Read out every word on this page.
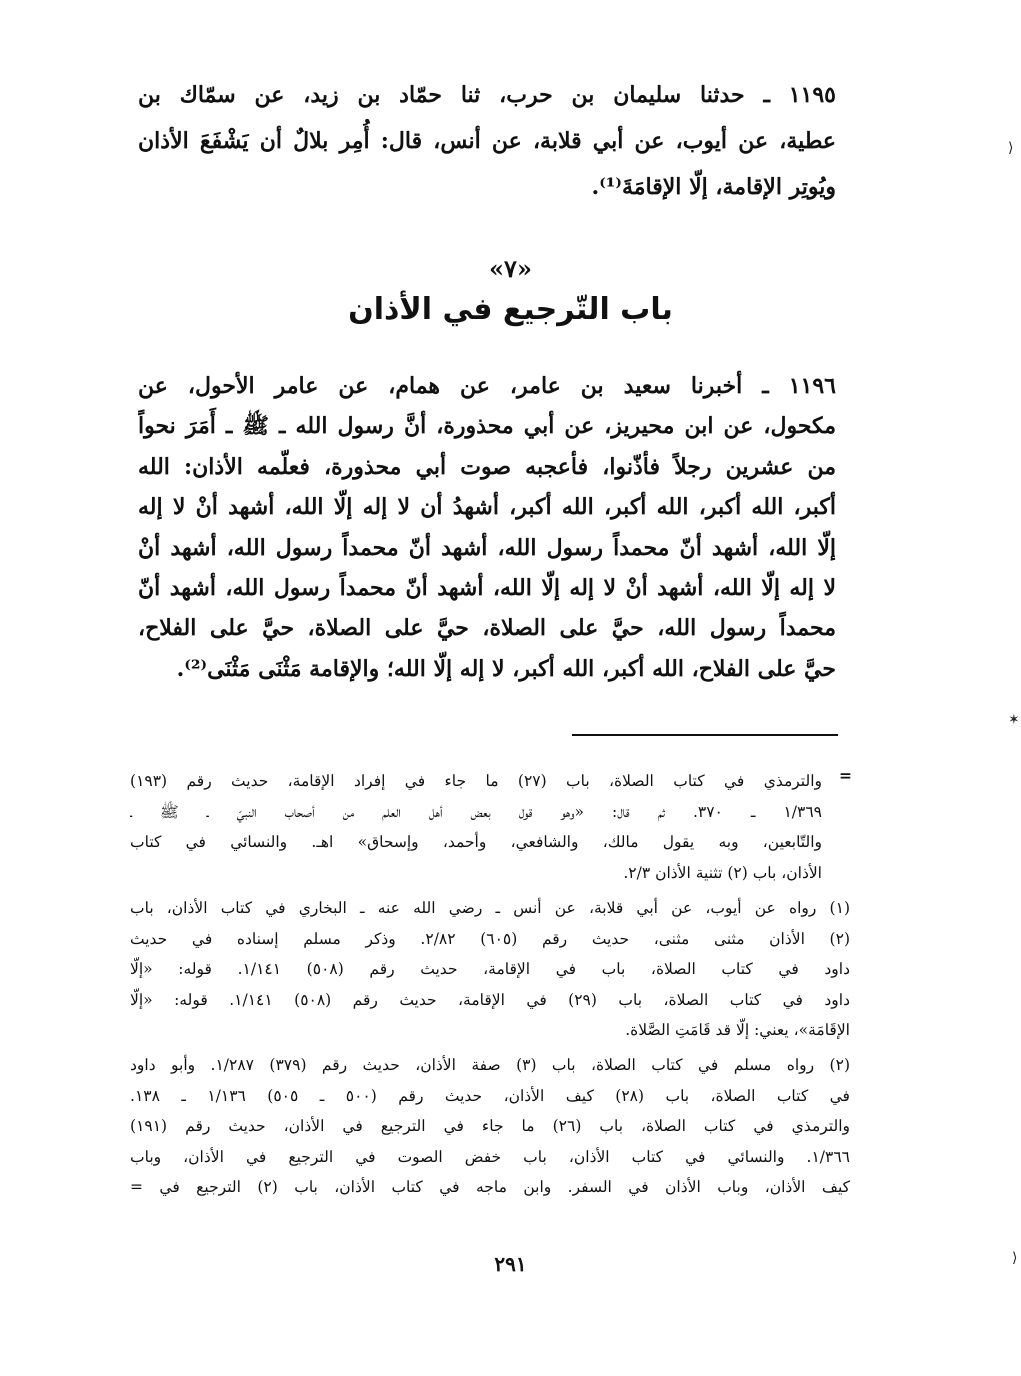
١١٩٥ ـ حدثنا سليمان بن حرب، ثنا حمّاد بن زيد، عن سمّاك بن
عطية، عن أيوب، عن أبي قلابة، عن أنس، قال: أُمِر بلالٌ أن يَشْفَعَ الأذان
ويُوتِر الإقامة، إلّا الإقامَةَ⁽¹⁾.
«٧»
باب التّرجيع في الأذان
١١٩٦ ـ أخبرنا سعيد بن عامر، عن همام، عن عامر الأحول، عن
مكحول، عن ابن محيريز، عن أبي محذورة، أنَّ رسول الله ـ ﷺ ـ أَمَرَ نحواً
من عشرين رجلاً فأذّنوا، فأعجبه صوت أبي محذورة، فعلّمه الأذان: الله
أكبر، الله أكبر، الله أكبر، الله أكبر، أشهدُ أن لا إله إلّا الله، أشهد أنْ لا إله
إلّا الله، أشهد أنّ محمداً رسول الله، أشهد أنّ محمداً رسول الله، أشهد أنْ
لا إله إلّا الله، أشهد أنْ لا إله إلّا الله، أشهد أنّ محمداً رسول الله، أشهد أنّ
محمداً رسول الله، حيَّ على الصلاة، حيَّ على الصلاة، حيَّ على الفلاح،
حيَّ على الفلاح، الله أكبر، الله أكبر، لا إله إلّا الله؛ والإقامة مَثْنَى مَثْنَى⁽²⁾.
والترمذي في كتاب الصلاة، باب (٢٧) ما جاء في إفراد الإقامة، حديث رقم (١٩٣)
١/٣٦٩ ـ ٣٧٠. ثم قال: «وهو قول بعض أهل العلم من أصحاب النبيّ ـ ﷺ ـ
والتّابعين، وبه يقول مالك، والشافعي، وأحمد، وإسحاق» اهـ. والنسائي في كتاب
الأذان، باب (٢) تثنية الأذان ٢/٣.
=
(١) رواه عن أيوب، عن أبي قلابة، عن أنس ـ رضي الله عنه ـ البخاري في كتاب الأذان، باب
(٢) الأذان مثنى مثنى، حديث رقم (٦٠٥) ٢/٨٢. وذكر مسلم إسناده في حديث
داود في كتاب الصلاة، باب في الإقامة، حديث رقم (٥٠٨) ١/١٤١. قوله: «إلّا
داود في كتاب الصلاة، باب (٢٩) في الإقامة، حديث رقم (٥٠٨) ١/١٤١. قوله: «إلّا
الإقَامَة»، يعني: إلّا قد قَامَتِ الصَّلاة.
(٢) رواه مسلم في كتاب الصلاة، باب (٣) صفة الأذان، حديث رقم (٣٧٩) ١/٢٨٧. وأبو داود
في كتاب الصلاة، باب (٢٨) كيف الأذان، حديث رقم (٥٠٠ ـ ٥٠٥) ١/١٣٦ ـ ١٣٨.
والترمذي في كتاب الصلاة، باب (٢٦) ما جاء في الترجيع في الأذان، حديث رقم (١٩١)
١/٣٦٦. والنسائي في كتاب الأذان، باب خفض الصوت في الترجيع في الأذان، وباب
كيف الأذان، وباب الأذان في السفر. وابن ماجه في كتاب الأذان، باب (٢) الترجيع في =
٢٩١
⟩
✶
⟩
